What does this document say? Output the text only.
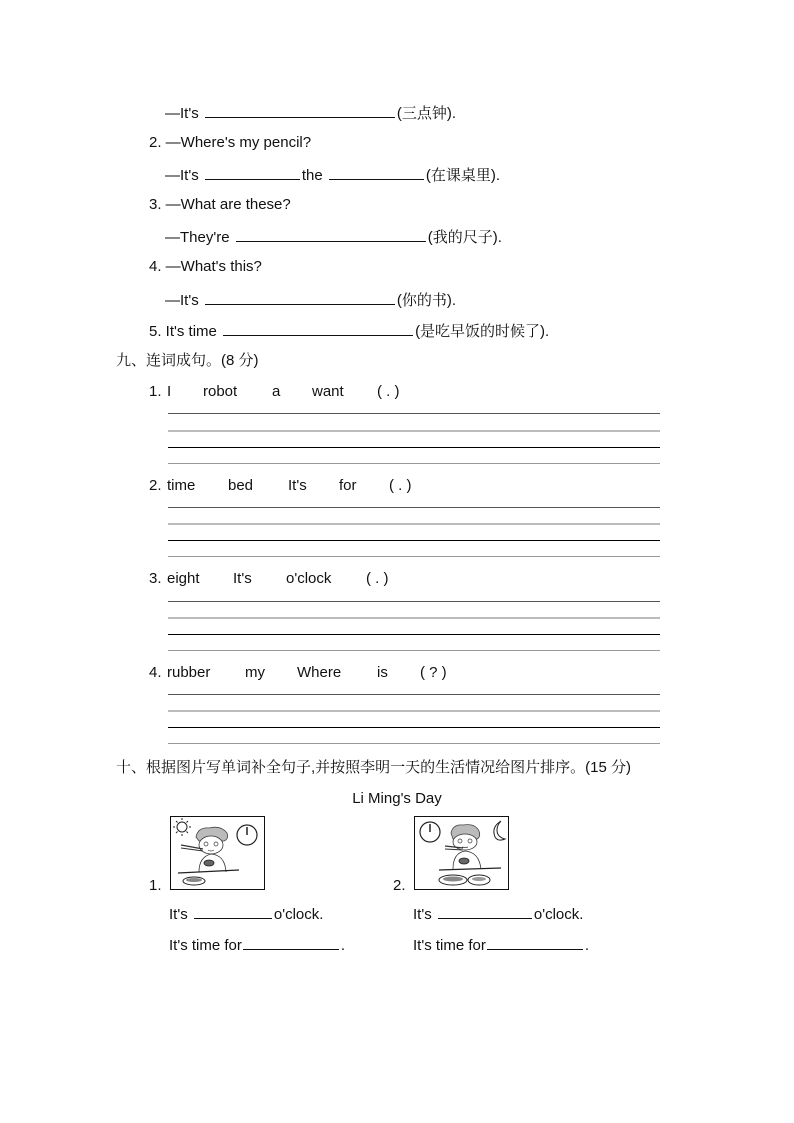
—It's	(三点钟).
2. —Where's my pencil?
—It's	the	(在课桌里).
3. —What are these?
—They're	(我的尺子).
4. —What's this?
—It's	(你的书).
5. It's time	(是吃早饭的时候了).
九、连词成句。(8 分)
1. I robot a want ( . )
2. time bed It's for ( . )
3. eight It's o'clock ( . )
4. rubber my Where is ( ? )
十、根据图片写单词补全句子,并按照李明一天的生活情况给图片排序。(15 分)
Li Ming's Day
1.
It's	o'clock.
It's time for	.
2.
It's	o'clock.
It's time for	.
